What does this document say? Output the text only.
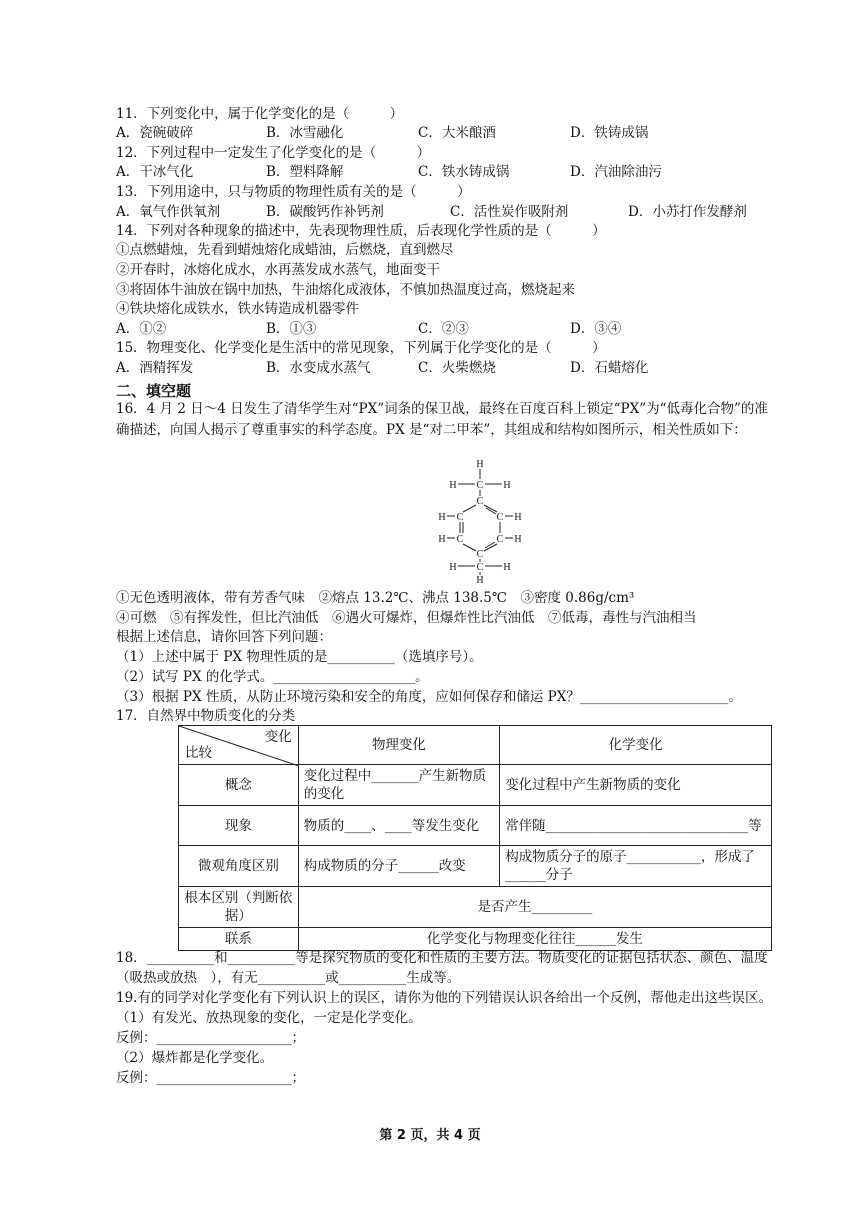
11．下列变化中，属于化学变化的是（　　　）
A．瓷碗破碎	B．冰雪融化	C．大米酿酒	D．铁铸成锅
12．下列过程中一定发生了化学变化的是（　　　）
A．干冰气化	B．塑料降解	C．铁水铸成锅	D．汽油除油污
13．下列用途中，只与物质的物理性质有关的是（　　　）
A．氧气作供氧剂	B．碳酸钙作补钙剂	C．活性炭作吸附剂	D．小苏打作发酵剂
14．下列对各种现象的描述中，先表现物理性质，后表现化学性质的是（　　　）
①点燃蜡烛，先看到蜡烛熔化成蜡油，后燃烧，直到燃尽
②开春时，冰熔化成水，水再蒸发成水蒸气，地面变干
③将固体牛油放在锅中加热，牛油熔化成液体，不慎加热温度过高，燃烧起来
④铁块熔化成铁水，铁水铸造成机器零件
A．①②	B．①③	C．②③	D．③④
15．物理变化、化学变化是生活中的常见现象，下列属于化学变化的是（　　　）
A．酒精挥发	B．水变成水蒸气	C．火柴燃烧	D．石蜡熔化
二、填空题
16．4 月 2 日～4 日发生了清华学生对“PX”词条的保卫战，最终在百度百科上锁定“PX”为“低毒化合物”的准确描述，向国人揭示了尊重事实的科学态度。PX 是“对二甲苯”，其组成和结构如图所示，相关性质如下：
H
H C H
C
H C	C H
H C	C H
C
H C H
H
①无色透明液体，带有芳香气味　②熔点 13.2℃、沸点 138.5℃　③密度 0.86g/cm³
④可燃　⑤有挥发性，但比汽油低　⑥遇火可爆炸，但爆炸性比汽油低　⑦低毒，毒性与汽油相当
根据上述信息，请你回答下列问题：
（1）上述中属于 PX 物理性质的是__________（选填序号）。
（2）试写 PX 的化学式。_____________________。
（3）根据 PX 性质，从防止环境污染和安全的角度，应如何保存和储运 PX？______________________。
17．自然界中物质变化的分类
变化
比较	物理变化	化学变化
概念	变化过程中_______产生新物质的变化	变化过程中产生新物质的变化
现象	物质的____、____等发生变化	常伴随______________________________等
微观角度区别	构成物质的分子______改变	构成物质分子的原子___________，形成了______分子
根本区别（判断依据）	是否产生_________	
联系	化学变化与物理变化往往______发生	
18．__________和__________等是探究物质的变化和性质的主要方法。物质变化的证据包括状态、颜色、温度
（吸热或放热　），有无__________或__________生成等。
19.有的同学对化学变化有下列认识上的误区，请你为他的下列错误认识各给出一个反例，帮他走出这些误区。
（1）有发光、放热现象的变化，一定是化学变化。
反例：____________________；
（2）爆炸都是化学变化。
反例：____________________；
第 2 页，共 4 页
